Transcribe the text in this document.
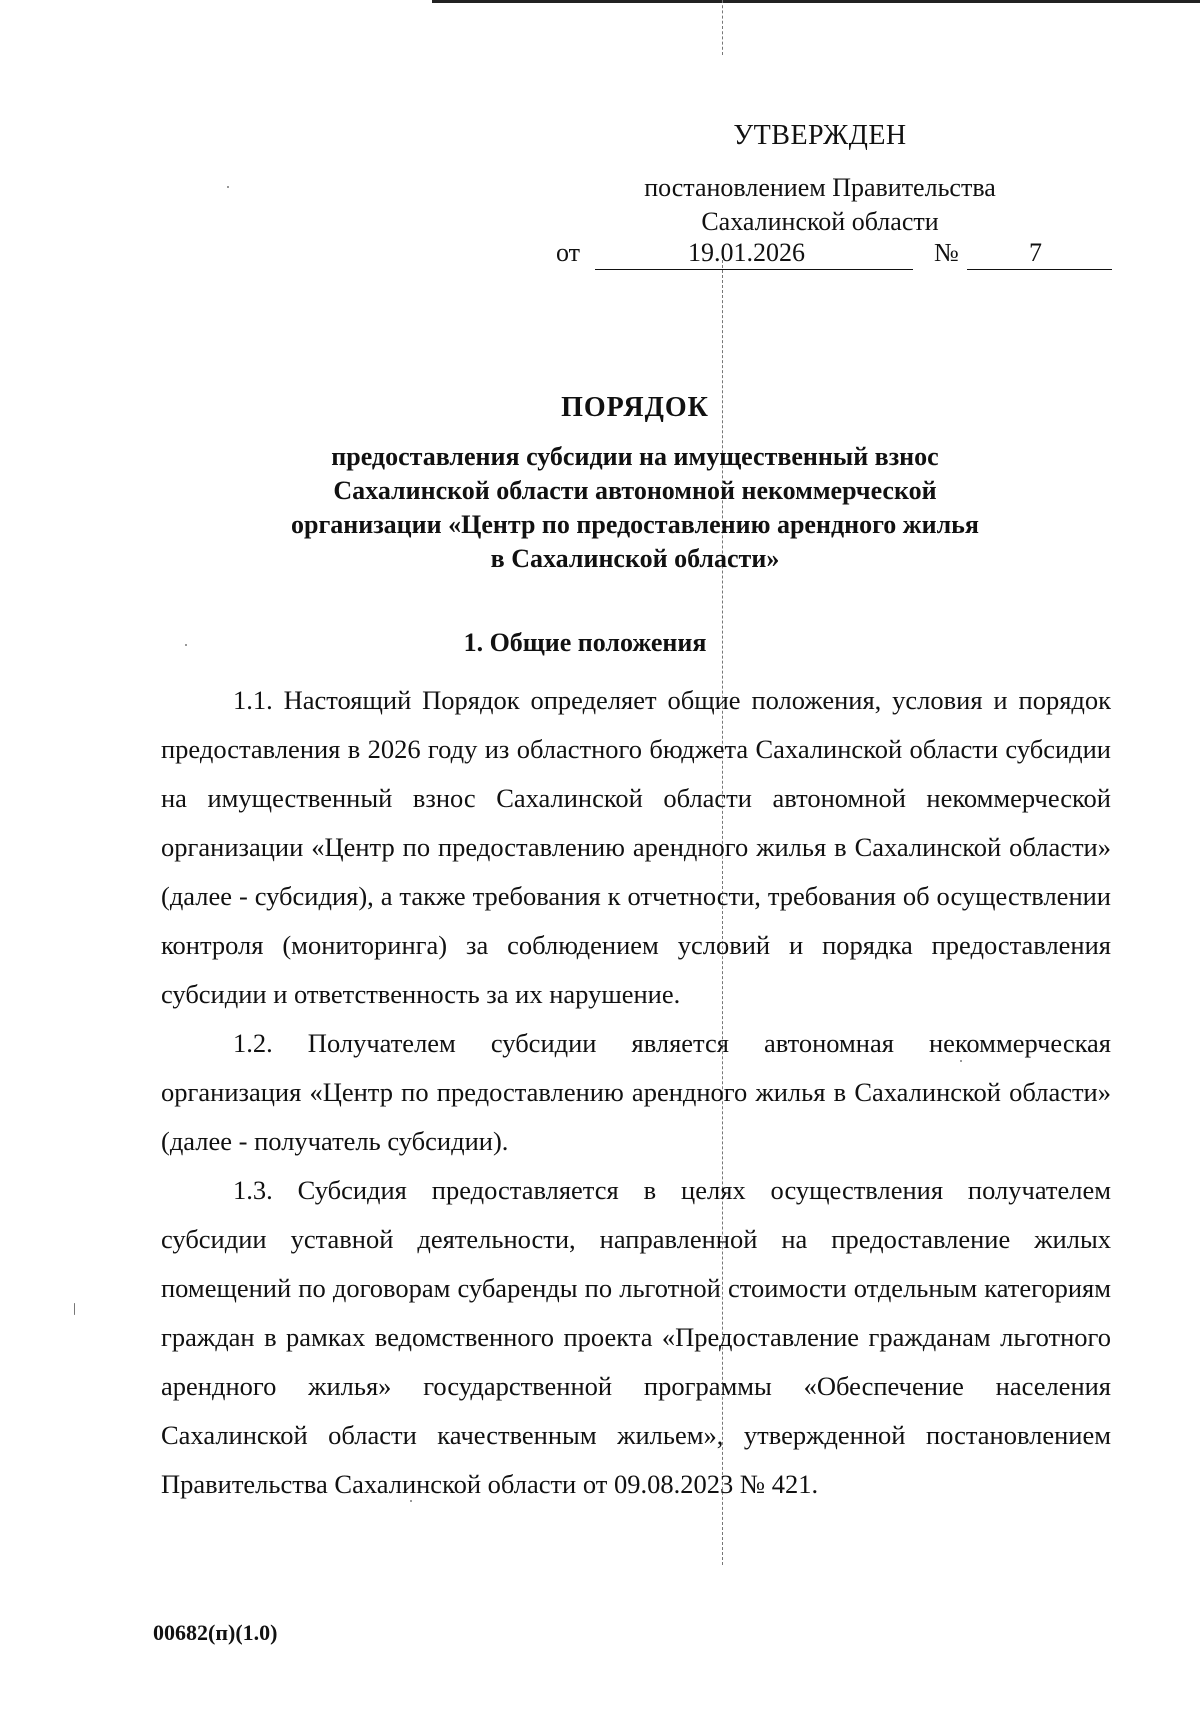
УТВЕРЖДЕН
постановлением Правительства
Сахалинской области
от	19.01.2026	№	7
ПОРЯДОК
предоставления субсидии на имущественный взнос Сахалинской области автономной некоммерческой организации «Центр по предоставлению арендного жилья в Сахалинской области»
1. Общие положения

1.1. Настоящий Порядок определяет общие положения, условия и порядок предоставления в 2026 году из областного бюджета Сахалинской области субсидии на имущественный взнос Сахалинской области автономной некоммерческой организации «Центр по предоставлению арендного жилья в Сахалинской области» (далее - субсидия), а также требования к отчетности, требования об осуществлении контроля (мониторинга) за соблюдением условий и порядка предоставления субсидии и ответственность за их нарушение.

1.2. Получателем субсидии является автономная некоммерческая организация «Центр по предоставлению арендного жилья в Сахалинской области» (далее - получатель субсидии).

1.3. Субсидия предоставляется в целях осуществления получателем субсидии уставной деятельности, направленной на предоставление жилых помещений по договорам субаренды по льготной стоимости отдельным категориям граждан в рамках ведомственного проекта «Предоставление гражданам льготного арендного жилья» государственной программы «Обеспечение населения Сахалинской области качественным жильем», утвержденной постановлением Правительства Сахалинской области от 09.08.2023 № 421.

00682(п)(1.0)
